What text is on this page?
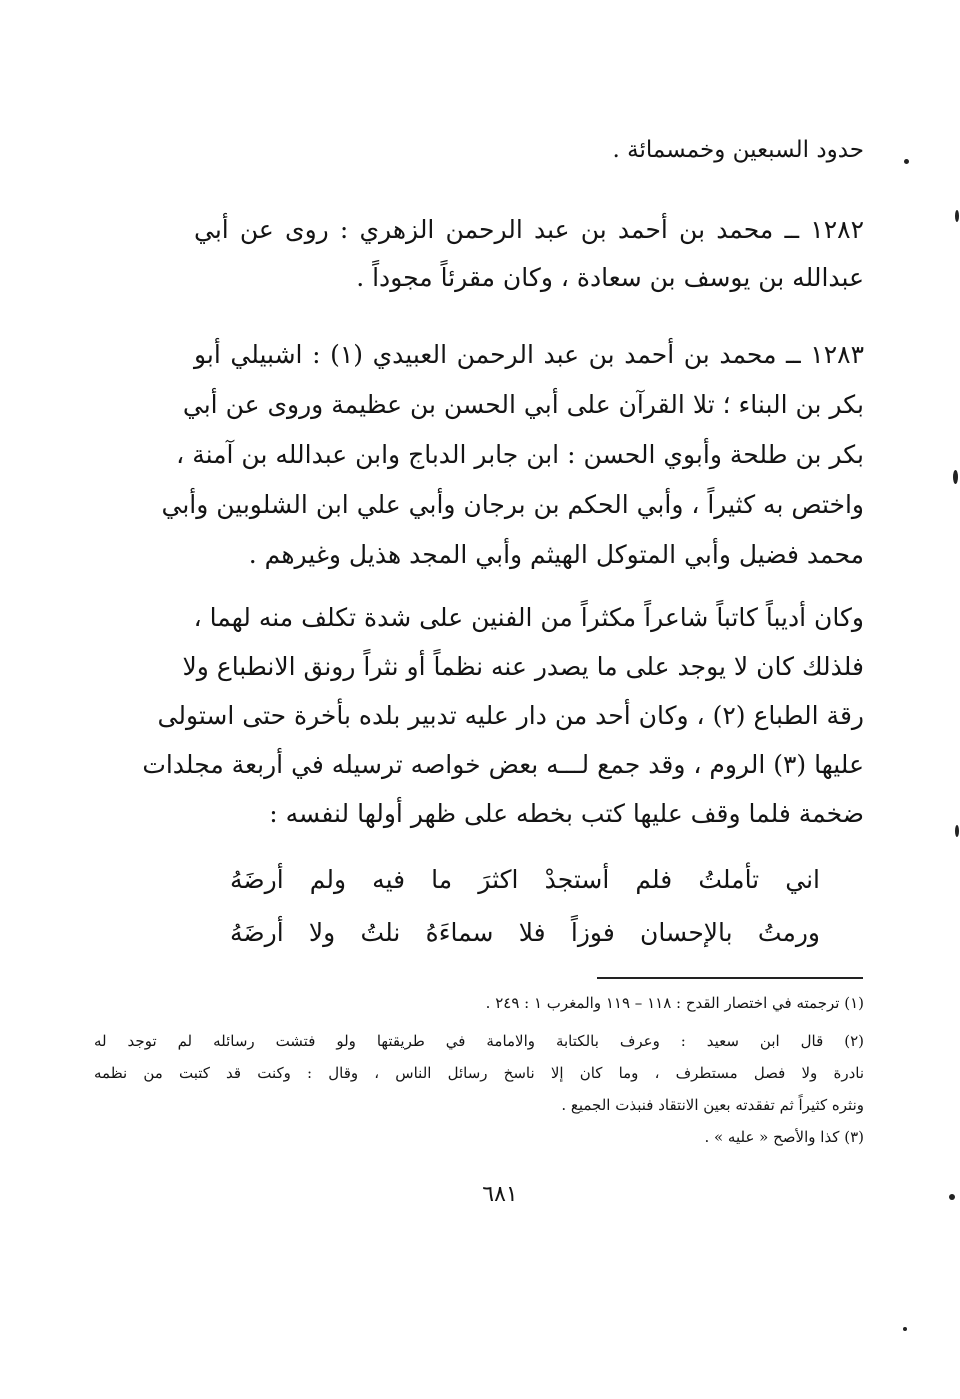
حدود السبعين وخمسمائة .
١٢٨٢ ــ محمد بن أحمد بن عبد الرحمن الزهري : روى عن أبي
عبدالله بن يوسف بن سعادة ، وكان مقرئاً مجوداً .
١٢٨٣ ــ محمد بن أحمد بن عبد الرحمن العبيدي (١) : اشبيلي أبو
بكر بن البناء ؛ تلا القرآن على أبي الحسن بن عظيمة وروى عن أبي
بكر بن طلحة وأبوي الحسن : ابن جابر الدباج وابن عبدالله بن آمنة ،
واختص به كثيراً ، وأبي الحكم بن برجان وأبي علي ابن الشلوبين وأبي
محمد فضيل وأبي المتوكل الهيثم وأبي المجد هذيل وغيرهم .
وكان أديباً كاتباً شاعراً مكثراً من الفنين على شدة تكلف منه لهما ،
فلذلك كان لا يوجد على ما يصدر عنه نظماً أو نثراً رونق الانطباع ولا
رقة الطباع (٢) ، وكان أحد من دار عليه تدبير بلده بأخرة حتى استولى
عليها (٣) الروم ، وقد جمع لـــه بعض خواصه ترسيله في أربعة مجلدات
ضخمة فلما وقف عليها كتب بخطه على ظهر أولها لنفسه :
اني تأملتُ فلم أستجدْ اكثرَ ما فيه ولم أرضَهُ
ورمتُ بالإحسان فوزاً فلا سماءَهُ نلتُ ولا أرضَهُ
(١) ترجمته في اختصار القدح : ١١٨ – ١١٩ والمغرب ١ : ٢٤٩ .
(٢) قال ابن سعيد : وعرف بالكتابة والامامة في طريقتها ولو فتشت رسائله لم توجد له
نادرة ولا فصل مستطرف ، وما كان إلا ناسخ رسائل الناس ، وقال : وكنت قد كتبت من نظمه
ونثره كثيراً ثم تفقدته بعين الانتقاد فنبذت الجميع .
(٣) كذا والأصح « عليه » .
٦٨١
